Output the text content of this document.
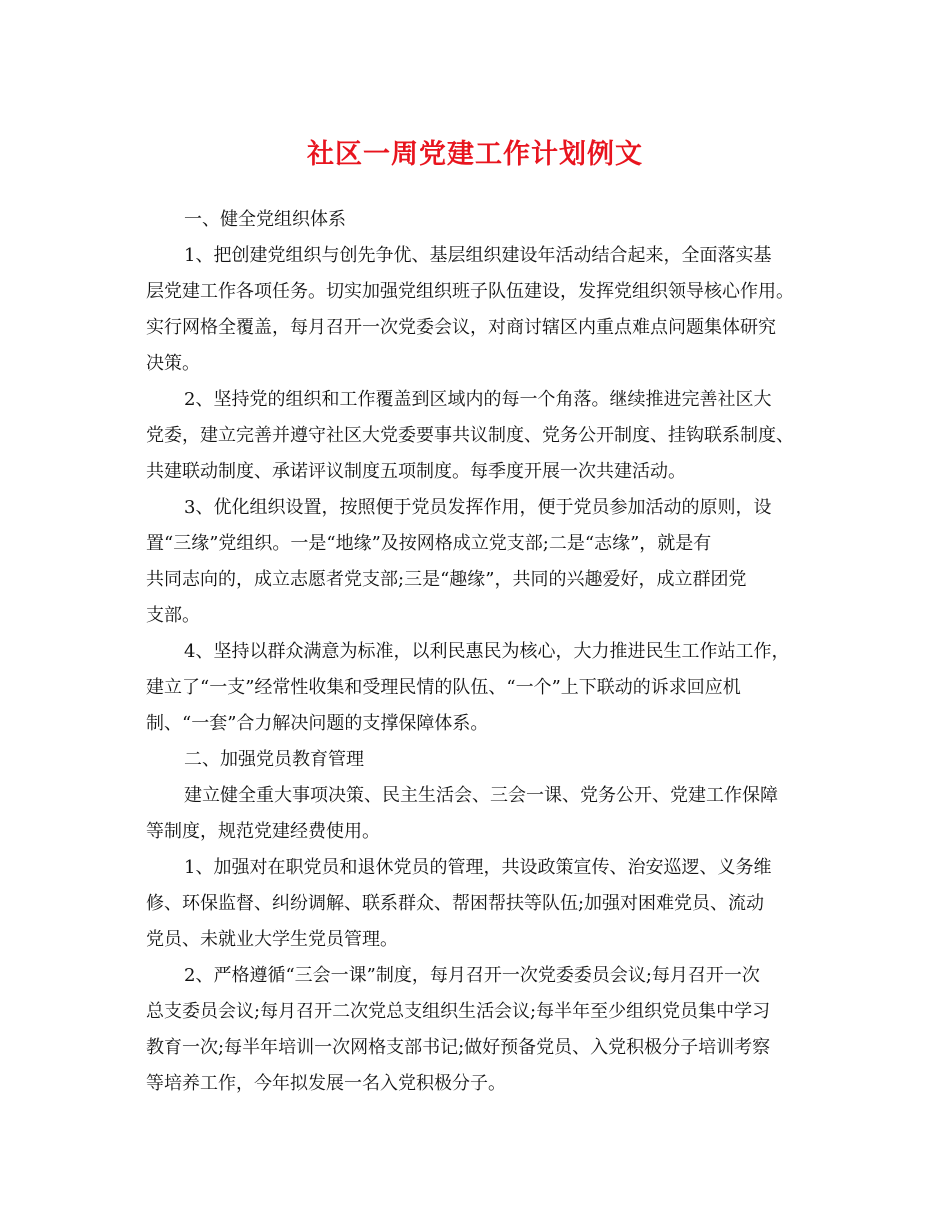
社区一周党建工作计划例文
一、健全党组织体系
1、把创建党组织与创先争优、基层组织建设年活动结合起来，全面落实基
层党建工作各项任务。切实加强党组织班子队伍建设，发挥党组织领导核心作用。
实行网格全覆盖，每月召开一次党委会议，对商讨辖区内重点难点问题集体研究
决策。
2、坚持党的组织和工作覆盖到区域内的每一个角落。继续推进完善社区大
党委，建立完善并遵守社区大党委要事共议制度、党务公开制度、挂钩联系制度、
共建联动制度、承诺评议制度五项制度。每季度开展一次共建活动。
3、优化组织设置，按照便于党员发挥作用，便于党员参加活动的原则，设
置“三缘”党组织。一是“地缘”及按网格成立党支部;二是“志缘”，就是有
共同志向的，成立志愿者党支部;三是“趣缘”，共同的兴趣爱好，成立群团党
支部。
4、坚持以群众满意为标准，以利民惠民为核心，大力推进民生工作站工作，
建立了“一支”经常性收集和受理民情的队伍、“一个”上下联动的诉求回应机
制、“一套”合力解决问题的支撑保障体系。
二、加强党员教育管理
建立健全重大事项决策、民主生活会、三会一课、党务公开、党建工作保障
等制度，规范党建经费使用。
1、加强对在职党员和退休党员的管理，共设政策宣传、治安巡逻、义务维
修、环保监督、纠纷调解、联系群众、帮困帮扶等队伍;加强对困难党员、流动
党员、未就业大学生党员管理。
2、严格遵循“三会一课”制度，每月召开一次党委委员会议;每月召开一次
总支委员会议;每月召开二次党总支组织生活会议;每半年至少组织党员集中学习
教育一次;每半年培训一次网格支部书记;做好预备党员、入党积极分子培训考察
等培养工作，今年拟发展一名入党积极分子。
